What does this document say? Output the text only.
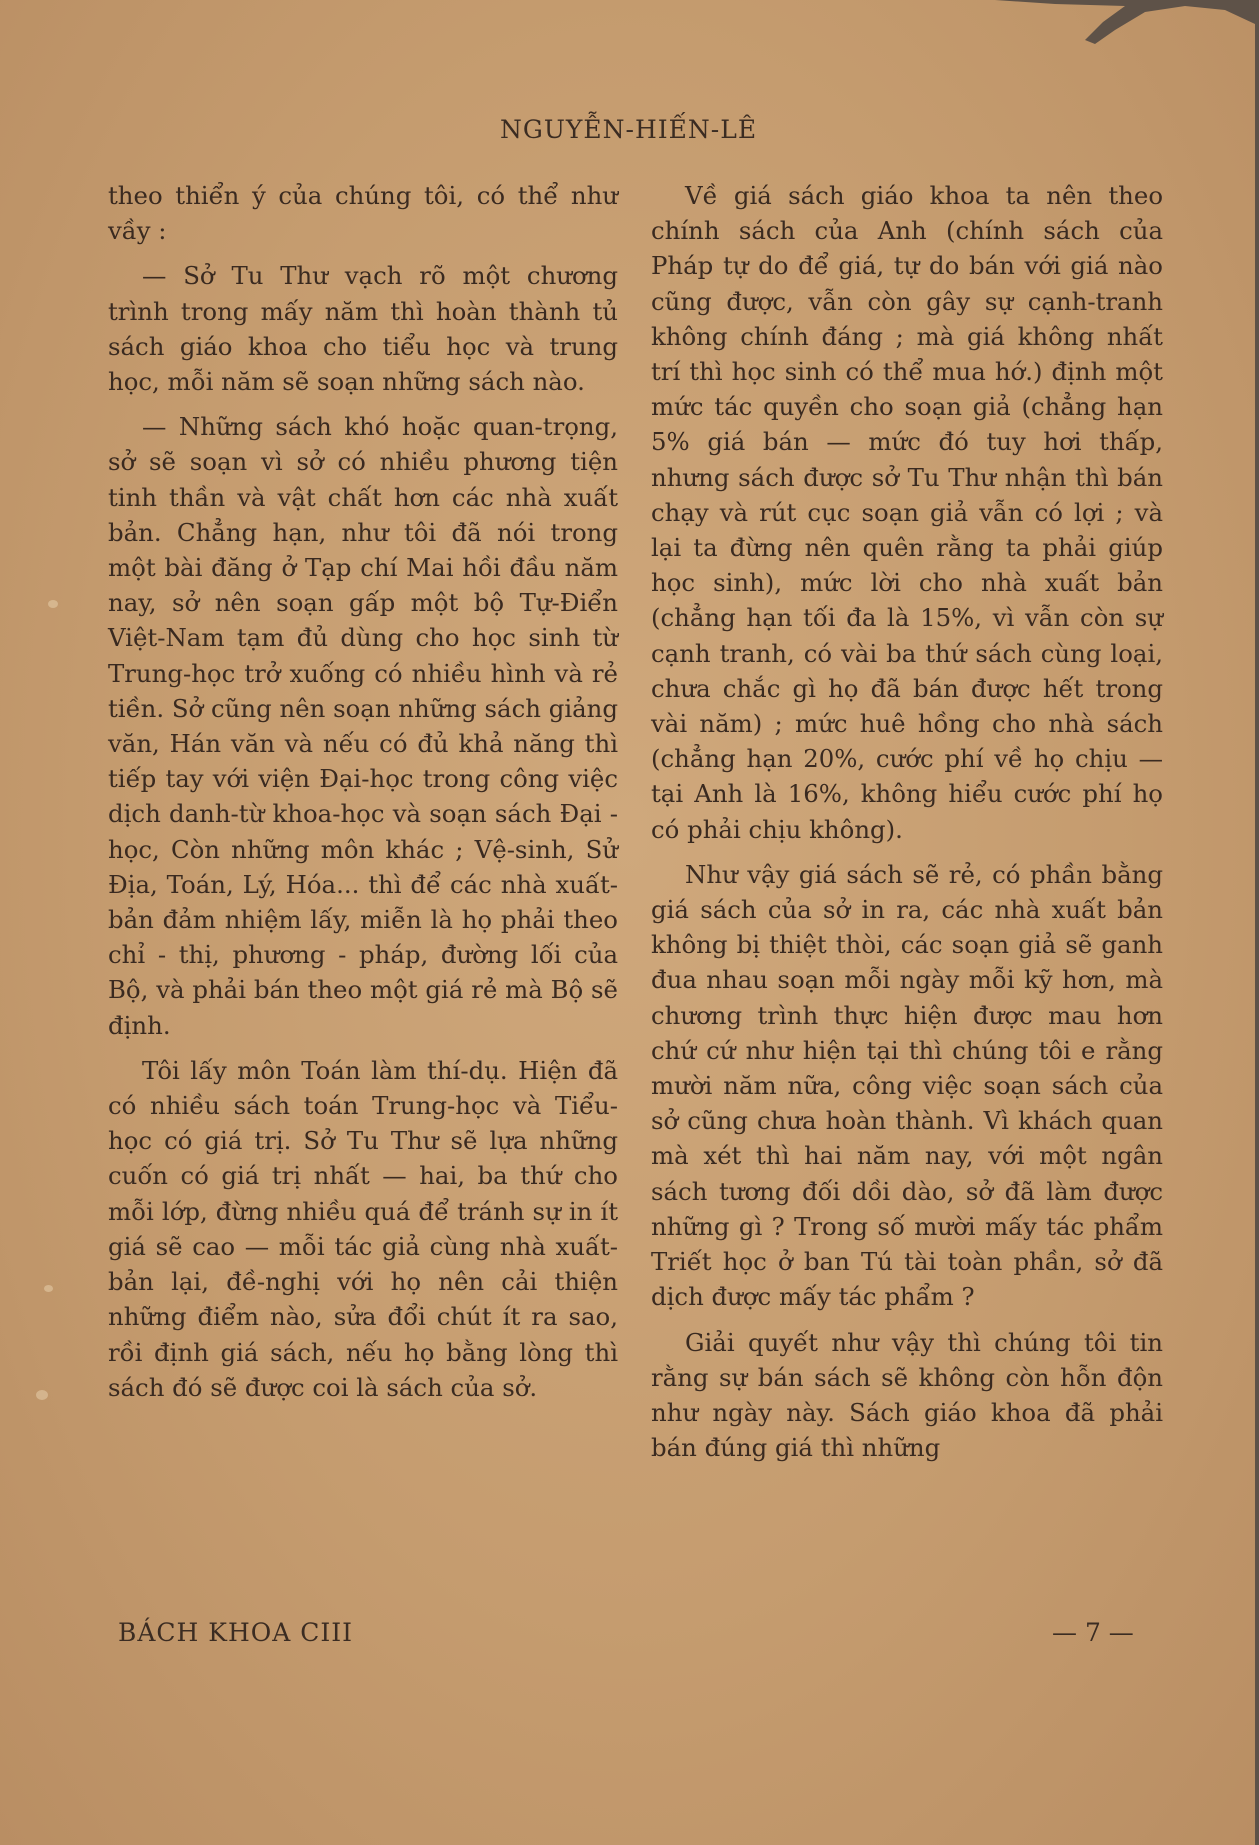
NGUYỄN-HIẾN-LÊ

theo thiển ý của chúng tôi, có thể như vầy :

— Sở Tu Thư vạch rõ một chương trình trong mấy năm thì hoàn thành tủ sách giáo khoa cho tiểu học và trung học, mỗi năm sẽ soạn những sách nào.

— Những sách khó hoặc quan-trọng, sở sẽ soạn vì sở có nhiều phương tiện tinh thần và vật chất hơn các nhà xuất bản. Chẳng hạn, như tôi đã nói trong một bài đăng ở Tạp chí Mai hồi đầu năm nay, sở nên soạn gấp một bộ Tự-Điển Việt-Nam tạm đủ dùng cho học sinh từ Trung-học trở xuống có nhiều hình và rẻ tiền. Sở cũng nên soạn những sách giảng văn, Hán văn và nếu có đủ khả năng thì tiếp tay với viện Đại-học trong công việc dịch danh-từ khoa-học và soạn sách Đại - học, Còn những môn khác ; Vệ-sinh, Sử Địa, Toán, Lý, Hóa... thì để các nhà xuất-bản đảm nhiệm lấy, miễn là họ phải theo chỉ - thị, phương - pháp, đường lối của Bộ, và phải bán theo một giá rẻ mà Bộ sẽ định.

Tôi lấy môn Toán làm thí-dụ. Hiện đã có nhiều sách toán Trung-học và Tiểu-học có giá trị. Sở Tu Thư sẽ lựa những cuốn có giá trị nhất — hai, ba thứ cho mỗi lớp, đừng nhiều quá để tránh sự in ít giá sẽ cao — mỗi tác giả cùng nhà xuất-bản lại, đề-nghị với họ nên cải thiện những điểm nào, sửa đổi chút ít ra sao, rồi định giá sách, nếu họ bằng lòng thì sách đó sẽ được coi là sách của sở.

Về giá sách giáo khoa ta nên theo chính sách của Anh (chính sách của Pháp tự do để giá, tự do bán với giá nào cũng được, vẫn còn gây sự cạnh-tranh không chính đáng ; mà giá không nhất trí thì học sinh có thể mua hớ.) định một mức tác quyền cho soạn giả (chẳng hạn 5% giá bán — mức đó tuy hơi thấp, nhưng sách được sở Tu Thư nhận thì bán chạy và rút cục soạn giả vẫn có lợi ; và lại ta đừng nên quên rằng ta phải giúp học sinh), mức lời cho nhà xuất bản (chẳng hạn tối đa là 15%, vì vẫn còn sự cạnh tranh, có vài ba thứ sách cùng loại, chưa chắc gì họ đã bán được hết trong vài năm) ; mức huê hồng cho nhà sách (chẳng hạn 20%, cước phí về họ chịu — tại Anh là 16%, không hiểu cước phí họ có phải chịu không).

Như vậy giá sách sẽ rẻ, có phần bằng giá sách của sở in ra, các nhà xuất bản không bị thiệt thòi, các soạn giả sẽ ganh đua nhau soạn mỗi ngày mỗi kỹ hơn, mà chương trình thực hiện được mau hơn chứ cứ như hiện tại thì chúng tôi e rằng mười năm nữa, công việc soạn sách của sở cũng chưa hoàn thành. Vì khách quan mà xét thì hai năm nay, với một ngân sách tương đối dồi dào, sở đã làm được những gì ? Trong số mười mấy tác phẩm Triết học ở ban Tú tài toàn phần, sở đã dịch được mấy tác phẩm ?

Giải quyết như vậy thì chúng tôi tin rằng sự bán sách sẽ không còn hỗn độn như ngày này. Sách giáo khoa đã phải bán đúng giá thì những

BÁCH KHOA CIII	— 7 —
